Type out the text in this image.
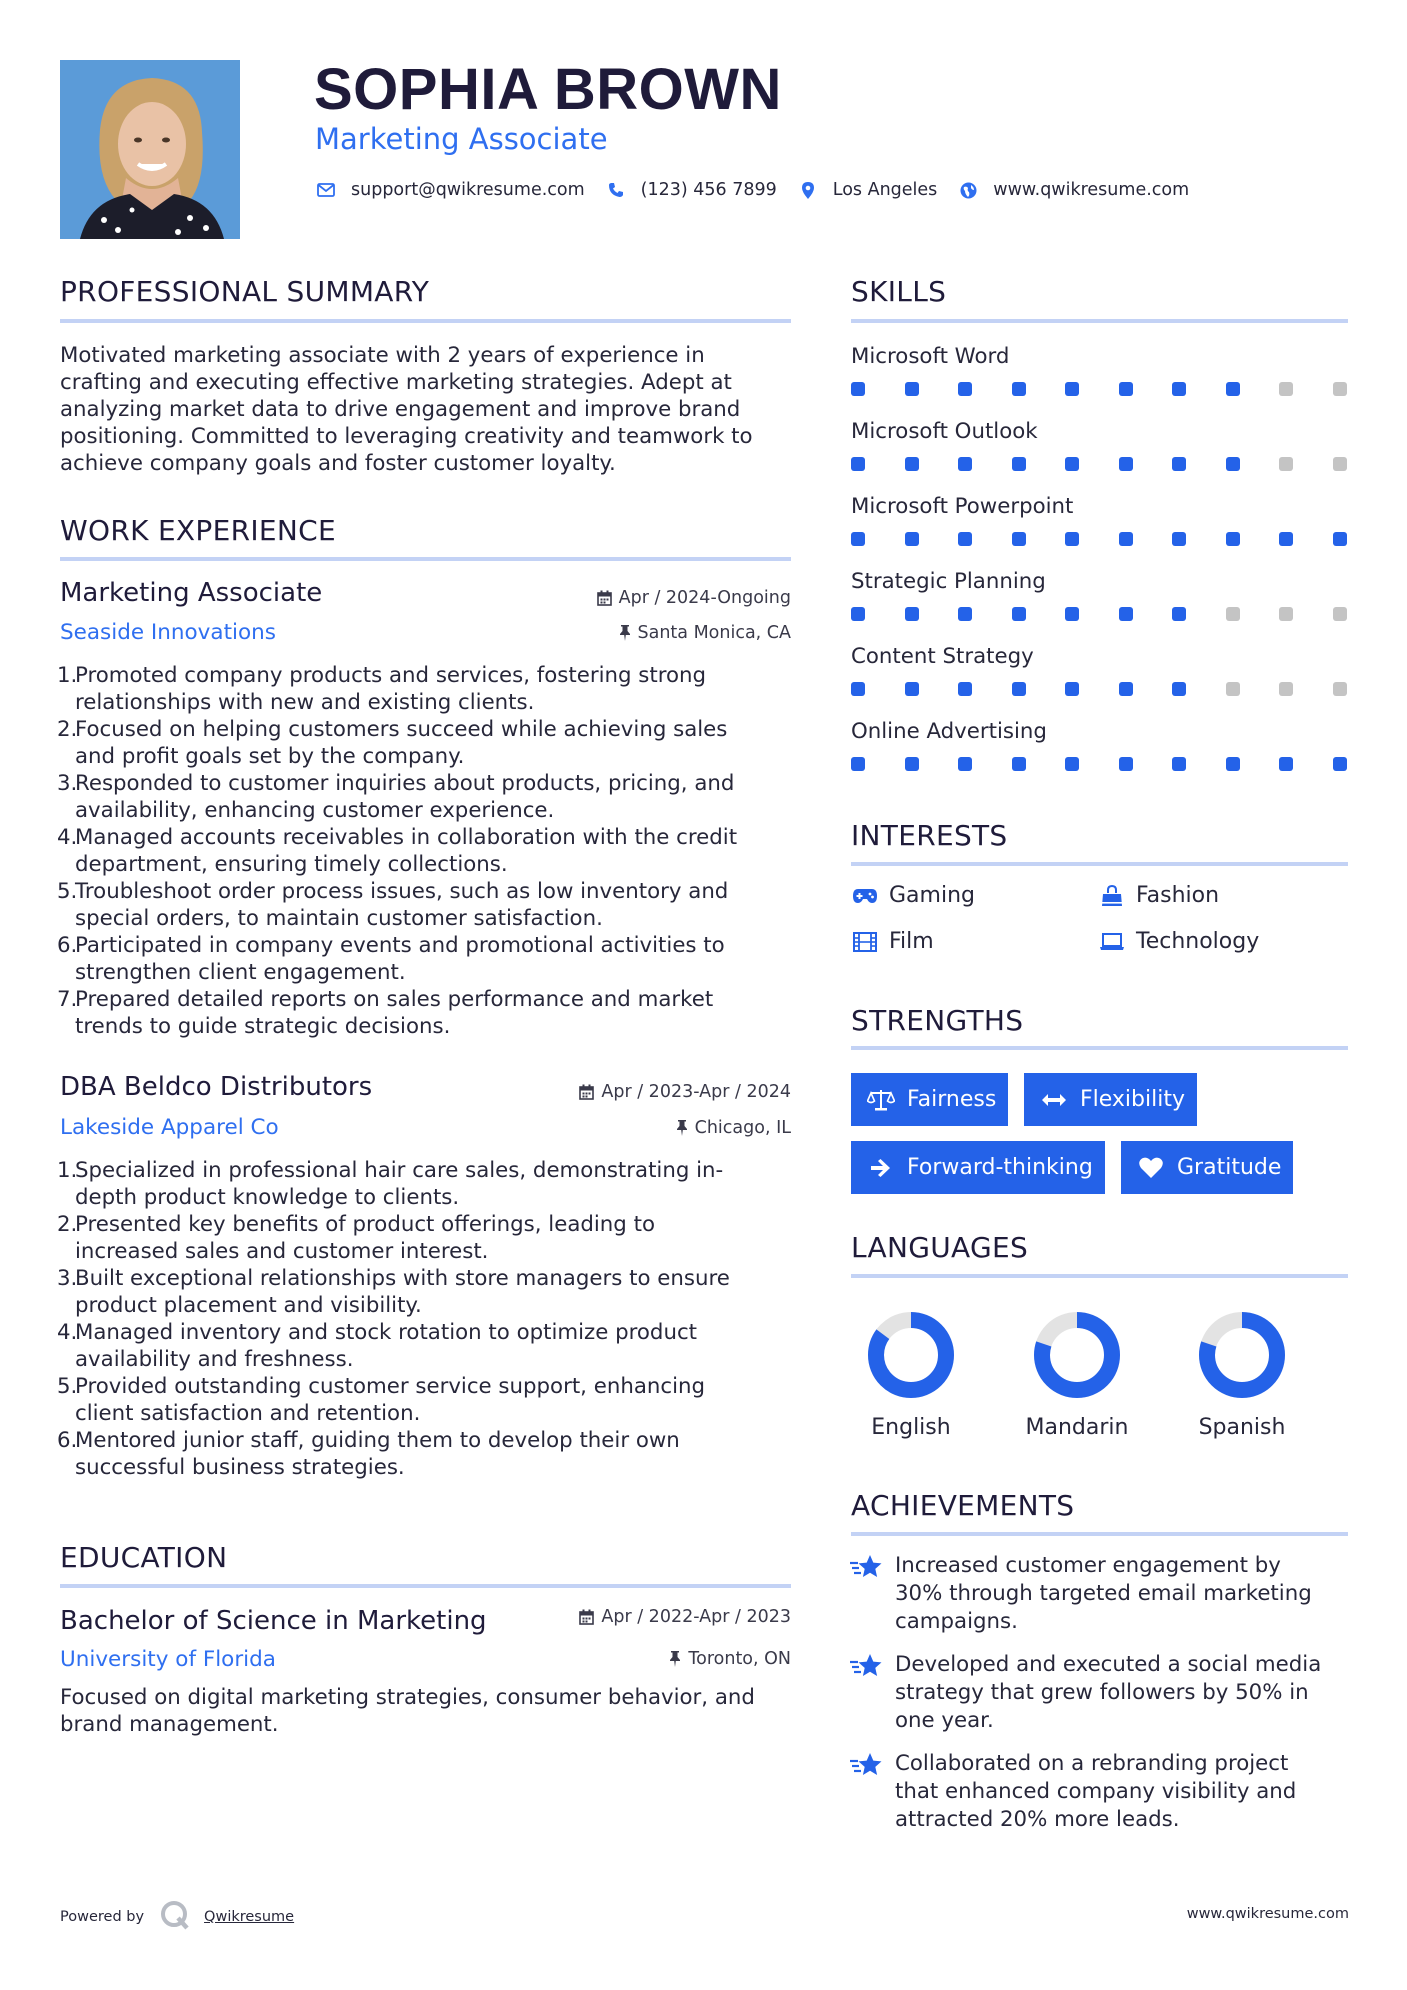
SOPHIA BROWN
Marketing Associate
support@qwikresume.com	(123) 456 7899	Los Angeles	www.qwikresume.com
PROFESSIONAL SUMMARY
Motivated marketing associate with 2 years of experience in
crafting and executing effective marketing strategies. Adept at
analyzing market data to drive engagement and improve brand
positioning. Committed to leveraging creativity and teamwork to
achieve company goals and foster customer loyalty.
WORK EXPERIENCE
Marketing Associate	Apr / 2024-Ongoing
Seaside Innovations	Santa Monica, CA
1.
Promoted company products and services, fostering strong
relationships with new and existing clients.
2.
Focused on helping customers succeed while achieving sales
and profit goals set by the company.
3.
Responded to customer inquiries about products, pricing, and
availability, enhancing customer experience.
4.
Managed accounts receivables in collaboration with the credit
department, ensuring timely collections.
5.
Troubleshoot order process issues, such as low inventory and
special orders, to maintain customer satisfaction.
6.
Participated in company events and promotional activities to
strengthen client engagement.
7.
Prepared detailed reports on sales performance and market
trends to guide strategic decisions.
DBA Beldco Distributors	Apr / 2023-Apr / 2024
Lakeside Apparel Co	Chicago, IL
1.
Specialized in professional hair care sales, demonstrating in-
depth product knowledge to clients.
2.
Presented key benefits of product offerings, leading to
increased sales and customer interest.
3.
Built exceptional relationships with store managers to ensure
product placement and visibility.
4.
Managed inventory and stock rotation to optimize product
availability and freshness.
5.
Provided outstanding customer service support, enhancing
client satisfaction and retention.
6.
Mentored junior staff, guiding them to develop their own
successful business strategies.
EDUCATION
Bachelor of Science in Marketing	Apr / 2022-Apr / 2023
University of Florida	Toronto, ON
Focused on digital marketing strategies, consumer behavior, and
brand management.
SKILLS
Microsoft Word
Microsoft Outlook
Microsoft Powerpoint
Strategic Planning
Content Strategy
Online Advertising
INTERESTS
Gaming	Fashion
Film	Technology
STRENGTHS
Fairness	Flexibility
Forward-thinking	Gratitude
LANGUAGES
English	Mandarin	Spanish
ACHIEVEMENTS
Increased customer engagement by
30% through targeted email marketing
campaigns.
Developed and executed a social media
strategy that grew followers by 50% in
one year.
Collaborated on a rebranding project
that enhanced company visibility and
attracted 20% more leads.
Powered by	Qwikresume	www.qwikresume.com
